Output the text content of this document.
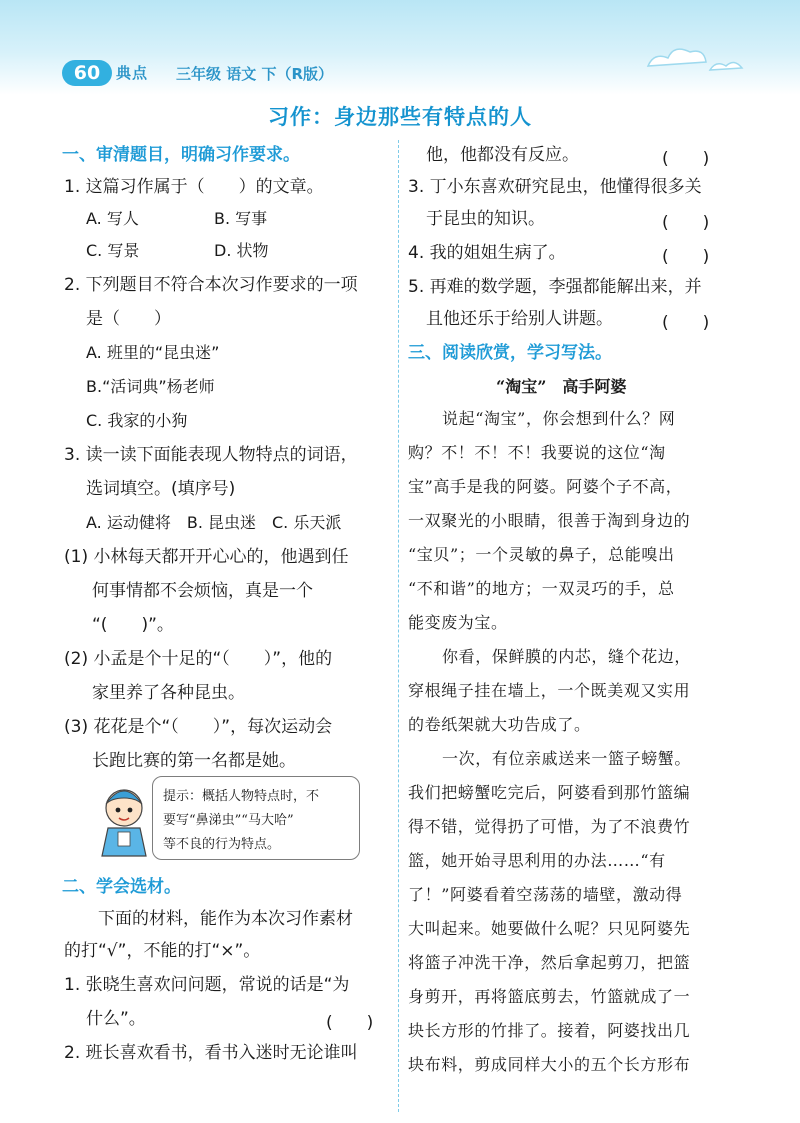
60	典点 三年级 语文 下（R版）
习作：身边那些有特点的人
一、审清题目，明确习作要求。
1. 这篇习作属于（　　）的文章。
A. 写人	B. 写事
C. 写景	D. 状物
2. 下列题目不符合本次习作要求的一项
是（　　）
A. 班里的“昆虫迷”
B.“活词典”杨老师
C. 我家的小狗
3. 读一读下面能表现人物特点的词语，
选词填空。(填序号)
A. 运动健将　B. 昆虫迷　C. 乐天派
(1) 小林每天都开开心心的，他遇到任
何事情都不会烦恼，真是一个
“(　　)”。
(2) 小孟是个十足的“（　　）”，他的
家里养了各种昆虫。
(3) 花花是个“（　　）”，每次运动会
长跑比赛的第一名都是她。
二、学会选材。
下面的材料，能作为本次习作素材
的打“√”，不能的打“×”。
1. 张晓生喜欢问问题，常说的话是“为
什么”。	(　　)
2. 班长喜欢看书，看书入迷时无论谁叫
提示：概括人物特点时，不
要写“鼻涕虫”“马大哈”
等不良的行为特点。
他，他都没有反应。	(　　)
3. 丁小东喜欢研究昆虫，他懂得很多关
于昆虫的知识。	(　　)
4. 我的姐姐生病了。	(　　)
5. 再难的数学题，李强都能解出来，并
且他还乐于给别人讲题。	(　　)
三、阅读欣赏，学习写法。
“淘宝”　高手阿婆
说起“淘宝”，你会想到什么？网
购？不！不！不！我要说的这位“淘
宝”高手是我的阿婆。阿婆个子不高，
一双聚光的小眼睛，很善于淘到身边的
“宝贝”；一个灵敏的鼻子，总能嗅出
“不和谐”的地方；一双灵巧的手，总
能变废为宝。
你看，保鲜膜的内芯，缝个花边，
穿根绳子挂在墙上，一个既美观又实用
的卷纸架就大功告成了。
一次，有位亲戚送来一篮子螃蟹。
我们把螃蟹吃完后，阿婆看到那竹篮编
得不错，觉得扔了可惜，为了不浪费竹
篮，她开始寻思利用的办法……“有
了！”阿婆看着空荡荡的墙壁，激动得
大叫起来。她要做什么呢？只见阿婆先
将篮子冲洗干净，然后拿起剪刀，把篮
身剪开，再将篮底剪去，竹篮就成了一
块长方形的竹排了。接着，阿婆找出几
块布料，剪成同样大小的五个长方形布
